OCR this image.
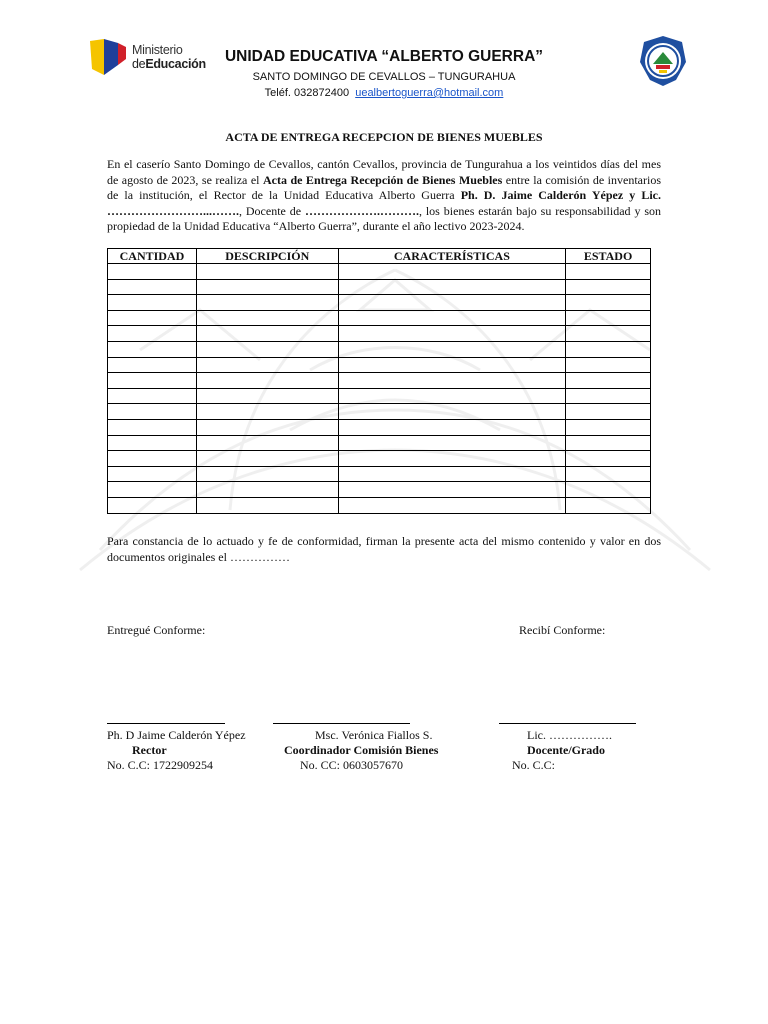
Ministerio
deEducación	UNIDAD EDUCATIVA “ALBERTO GUERRA”
SANTO DOMINGO DE CEVALLOS – TUNGURAHUA
Teléf. 032872400 uealbertoguerra@hotmail.com
ACTA DE ENTREGA RECEPCION DE BIENES MUEBLES
En el caserío Santo Domingo de Cevallos, cantón Cevallos, provincia de Tungurahua a los veintidos días del mes de agosto de 2023, se realiza el Acta de Entrega Recepción de Bienes Muebles entre la comisión de inventarios de la institución, el Rector de la Unidad Educativa Alberto Guerra Ph. D. Jaime Calderón Yépez y Lic. ……………………...……., Docente de ……………….………., los bienes estarán bajo su responsabilidad y son propiedad de la Unidad Educativa “Alberto Guerra”, durante el año lectivo 2023-2024.
CANTIDAD	DESCRIPCIÓN	CARACTERÍSTICAS	ESTADO

Para constancia de lo actuado y fe de conformidad, firman la presente acta del mismo contenido y valor en dos documentos originales el ……………
Entregué Conforme:	Recibí Conforme:
Ph. D Jaime Calderón Yépez
Rector
No. C.C: 1722909254
Msc. Verónica Fiallos S.
Coordinador Comisión Bienes
No. CC: 0603057670
Lic. …………….
Docente/Grado
No. C.C:
